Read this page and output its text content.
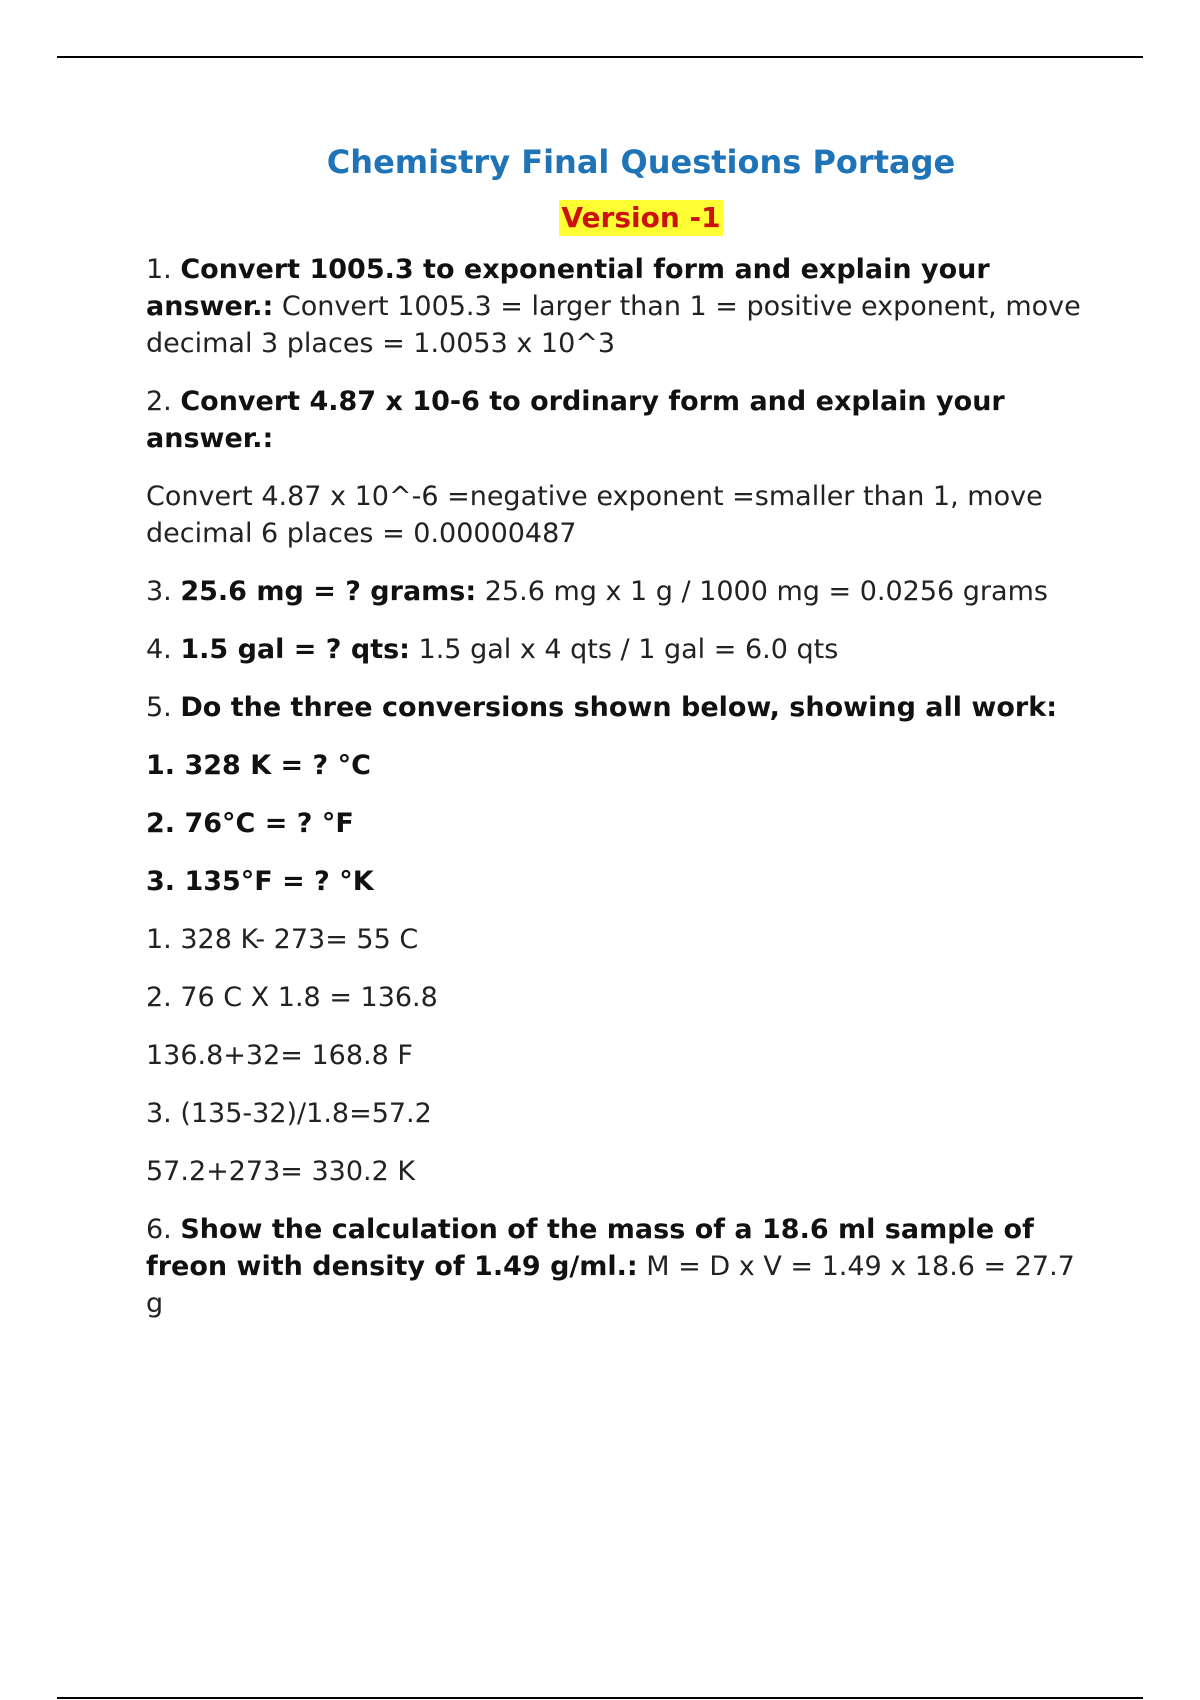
Chemistry Final Questions Portage
Version -1

1. Convert 1005.3 to exponential form and explain your answer.: Convert 1005.3 = larger than 1 = positive exponent, move decimal 3 places = 1.0053 x 10^3

2. Convert 4.87 x 10-6 to ordinary form and explain your answer.:

Convert 4.87 x 10^-6 =negative exponent =smaller than 1, move decimal 6 places = 0.00000487

3. 25.6 mg = ? grams: 25.6 mg x 1 g / 1000 mg = 0.0256 grams

4. 1.5 gal = ? qts: 1.5 gal x 4 qts / 1 gal = 6.0 qts

5. Do the three conversions shown below, showing all work:

1. 328 K = ? °C

2. 76°C = ? °F

3. 135°F = ? °K

1. 328 K- 273= 55 C

2. 76 C X 1.8 = 136.8

136.8+32= 168.8 F

3. (135-32)/1.8=57.2

57.2+273= 330.2 K

6. Show the calculation of the mass of a 18.6 ml sample of freon with density of 1.49 g/ml.: M = D x V = 1.49 x 18.6 = 27.7 g
